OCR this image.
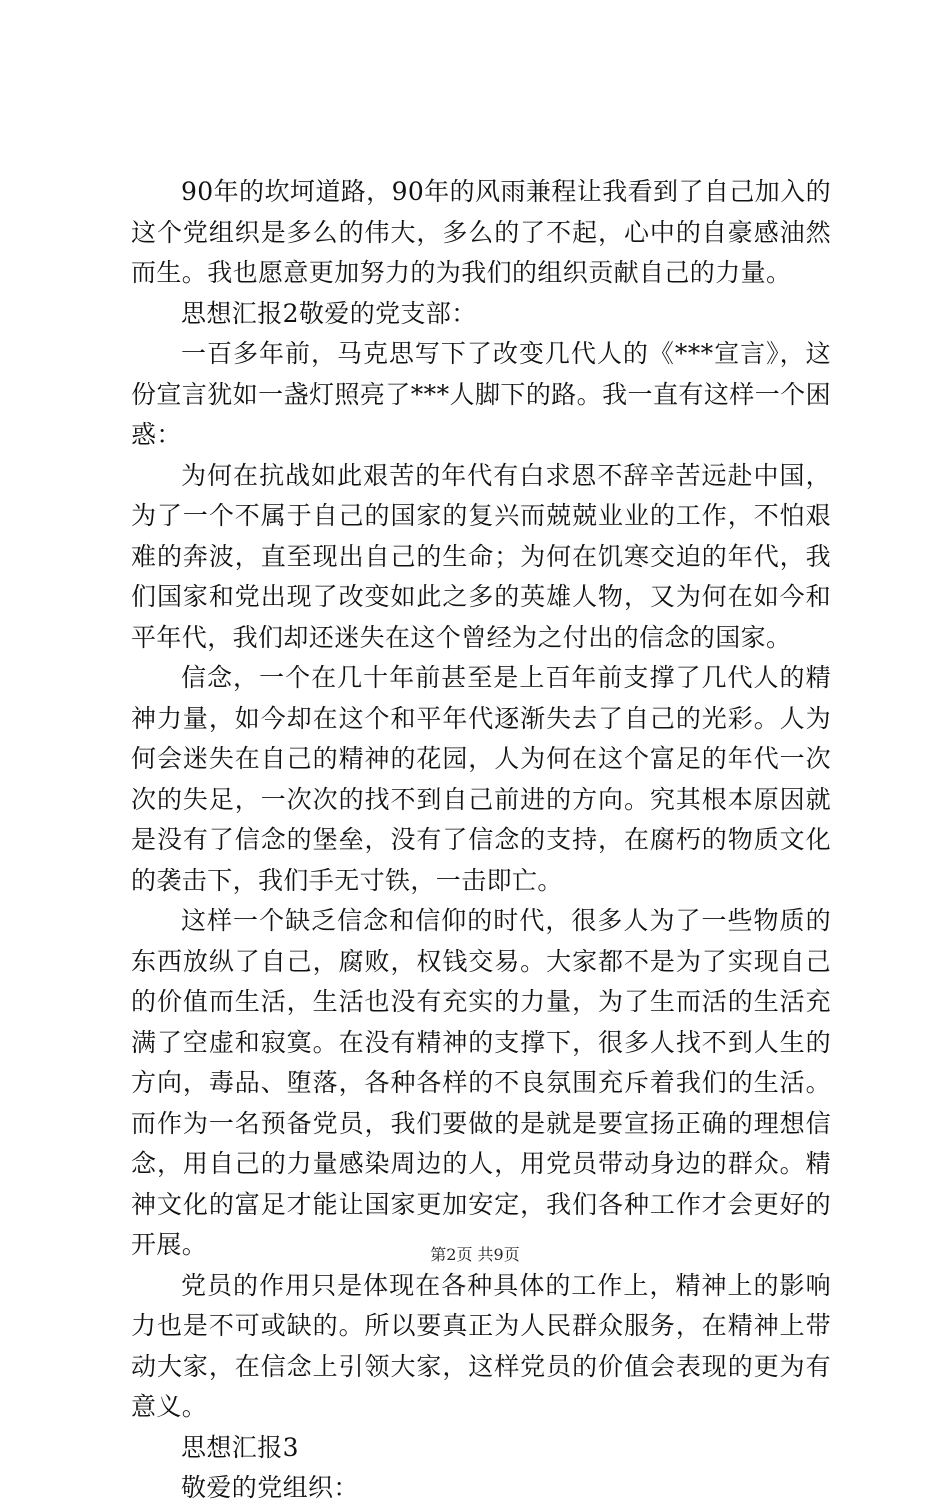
90年的坎坷道路，90年的风雨兼程让我看到了自己加入的这个党组织是多么的伟大，多么的了不起，心中的自豪感油然而生。我也愿意更加努力的为我们的组织贡献自己的力量。

思想汇报2敬爱的党支部：

一百多年前，马克思写下了改变几代人的《***宣言》，这份宣言犹如一盏灯照亮了***人脚下的路。我一直有这样一个困惑：

为何在抗战如此艰苦的年代有白求恩不辞辛苦远赴中国，为了一个不属于自己的国家的复兴而兢兢业业的工作，不怕艰难的奔波，直至现出自己的生命；为何在饥寒交迫的年代，我们国家和党出现了改变如此之多的英雄人物，又为何在如今和平年代，我们却还迷失在这个曾经为之付出的信念的国家。

信念，一个在几十年前甚至是上百年前支撑了几代人的精神力量，如今却在这个和平年代逐渐失去了自己的光彩。人为何会迷失在自己的精神的花园，人为何在这个富足的年代一次次的失足，一次次的找不到自己前进的方向。究其根本原因就是没有了信念的堡垒，没有了信念的支持，在腐朽的物质文化的袭击下，我们手无寸铁，一击即亡。

这样一个缺乏信念和信仰的时代，很多人为了一些物质的东西放纵了自己，腐败，权钱交易。大家都不是为了实现自己的价值而生活，生活也没有充实的力量，为了生而活的生活充满了空虚和寂寞。在没有精神的支撑下，很多人找不到人生的方向，毒品、堕落，各种各样的不良氛围充斥着我们的生活。而作为一名预备党员，我们要做的是就是要宣扬正确的理想信念，用自己的力量感染周边的人，用党员带动身边的群众。精神文化的富足才能让国家更加安定，我们各种工作才会更好的开展。

党员的作用只是体现在各种具体的工作上，精神上的影响力也是不可或缺的。所以要真正为人民群众服务，在精神上带动大家，在信念上引领大家，这样党员的价值会表现的更为有意义。

思想汇报3

敬爱的党组织：

第2页 共9页
